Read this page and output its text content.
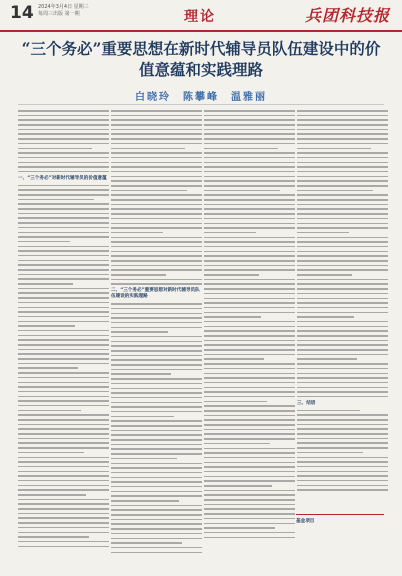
14 2024年3月4日 星期三
每周三出版 第一期	理论	兵团科技报
“三个务必”重要思想在新时代辅导员队伍建设中的价值意蕴和实践理路
白晓玲　陈攀峰　温雅丽
一、“三个务必”对新时代辅导员的价值意蕴
二、“三个务必”重要思想对新时代辅导员队伍建设的实践理路
三、结语
基金项目
